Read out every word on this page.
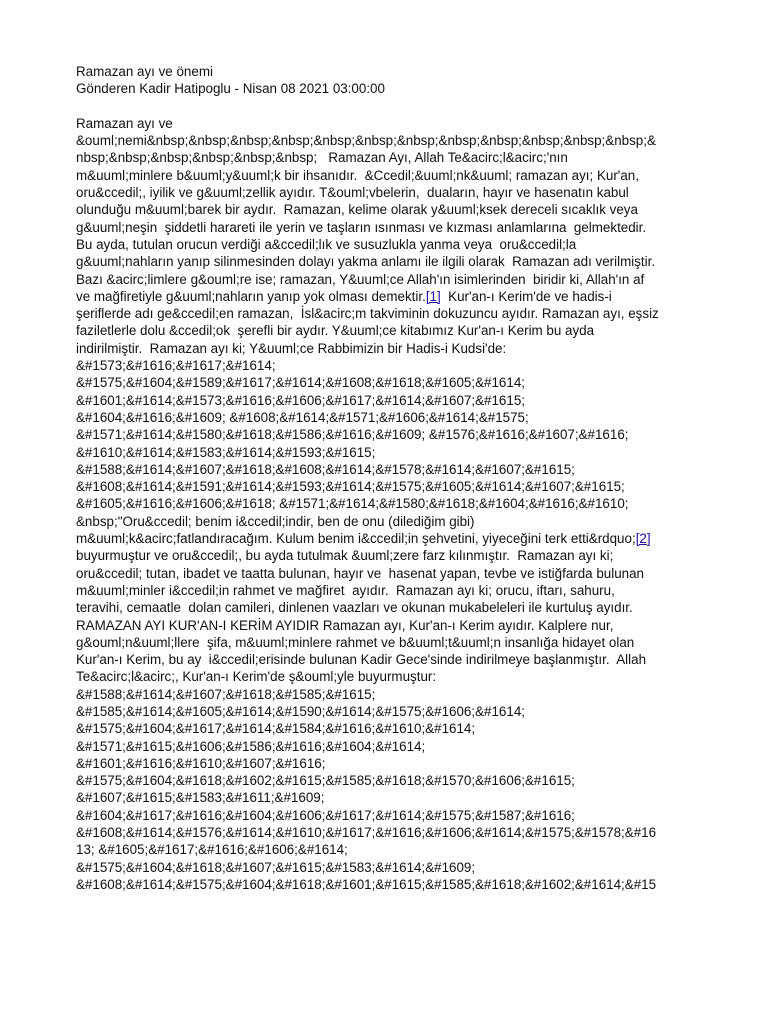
Ramazan ayı ve önemi
Gönderen Kadir Hatipoglu - Nisan 08 2021 03:00:00
Ramazan ayı ve
&ouml;nemi&nbsp;&nbsp;&nbsp;&nbsp;&nbsp;&nbsp;&nbsp;&nbsp;&nbsp;&nbsp;&nbsp;&nbsp;&
nbsp;&nbsp;&nbsp;&nbsp;&nbsp;&nbsp;   Ramazan Ayı, Allah Te&acirc;l&acirc;'nın
m&uuml;minlere b&uuml;y&uuml;k bir ihsanıdır.  &Ccedil;&uuml;nk&uuml; ramazan ayı; Kur'an,
oru&ccedil;, iyilik ve g&uuml;zellik ayıdır. T&ouml;vbelerin,  duaların, hayır ve hasenatın kabul
olunduğu m&uuml;barek bir aydır.  Ramazan, kelime olarak y&uuml;ksek dereceli sıcaklık veya
g&uuml;neşin  şiddetli harareti ile yerin ve taşların ısınması ve kızması anlamlarına  gelmektedir.
Bu ayda, tutulan orucun verdiği a&ccedil;lık ve susuzlukla yanma veya  oru&ccedil;la
g&uuml;nahların yanıp silinmesinden dolayı yakma anlamı ile ilgili olarak  Ramazan adı verilmiştir.
Bazı &acirc;limlere g&ouml;re ise; ramazan, Y&uuml;ce Allah'ın isimlerinden  biridir ki, Allah'ın af
ve mağfiretiyle g&uuml;nahların yanıp yok olması demektir.[1]  Kur'an-ı Kerim'de ve hadis-i
şeriflerde adı ge&ccedil;en ramazan,  İsl&acirc;m takviminin dokuzuncu ayıdır. Ramazan ayı, eşsiz
faziletlerle dolu &ccedil;ok  şerefli bir aydır. Y&uuml;ce kitabımız Kur'an-ı Kerim bu ayda
indirilmiştir.  Ramazan ayı ki; Y&uuml;ce Rabbimizin bir Hadis-i Kudsi'de:
&#1573;&#1616;&#1617;&#1614;
&#1575;&#1604;&#1589;&#1617;&#1614;&#1608;&#1618;&#1605;&#1614;
&#1601;&#1614;&#1573;&#1616;&#1606;&#1617;&#1614;&#1607;&#1615;
&#1604;&#1616;&#1609; &#1608;&#1614;&#1571;&#1606;&#1614;&#1575;
&#1571;&#1614;&#1580;&#1618;&#1586;&#1616;&#1609; &#1576;&#1616;&#1607;&#1616;
&#1610;&#1614;&#1583;&#1614;&#1593;&#1615;
&#1588;&#1614;&#1607;&#1618;&#1608;&#1614;&#1578;&#1614;&#1607;&#1615;
&#1608;&#1614;&#1591;&#1614;&#1593;&#1614;&#1575;&#1605;&#1614;&#1607;&#1615;
&#1605;&#1616;&#1606;&#1618; &#1571;&#1614;&#1580;&#1618;&#1604;&#1616;&#1610;
&nbsp;"Oru&ccedil; benim i&ccedil;indir, ben de onu (dilediğim gibi)
m&uuml;k&acirc;fatlandıracağım. Kulum benim i&ccedil;in şehvetini, yiyeceğini terk etti&rdquo;[2]
buyurmuştur ve oru&ccedil;, bu ayda tutulmak &uuml;zere farz kılınmıştır.  Ramazan ayı ki;
oru&ccedil; tutan, ibadet ve taatta bulunan, hayır ve  hasenat yapan, tevbe ve istiğfarda bulunan
m&uuml;minler i&ccedil;in rahmet ve mağfiret  ayıdır.  Ramazan ayı ki; orucu, iftarı, sahuru,
teravihi, cemaatle  dolan camileri, dinlenen vaazları ve okunan mukabeleleri ile kurtuluş ayıdır.
RAMAZAN AYI KUR'AN-I KERİM AYIDIR Ramazan ayı, Kur'an-ı Kerim ayıdır. Kalplere nur,
g&ouml;n&uuml;llere  şifa, m&uuml;minlere rahmet ve b&uuml;t&uuml;n insanlığa hidayet olan
Kur'an-ı Kerim, bu ay  i&ccedil;erisinde bulunan Kadir Gece'sinde indirilmeye başlanmıştır.  Allah
Te&acirc;l&acirc;, Kur'an-ı Kerim'de ş&ouml;yle buyurmuştur:
&#1588;&#1614;&#1607;&#1618;&#1585;&#1615;
&#1585;&#1614;&#1605;&#1614;&#1590;&#1614;&#1575;&#1606;&#1614;
&#1575;&#1604;&#1617;&#1614;&#1584;&#1616;&#1610;&#1614;
&#1571;&#1615;&#1606;&#1586;&#1616;&#1604;&#1614;
&#1601;&#1616;&#1610;&#1607;&#1616;
&#1575;&#1604;&#1618;&#1602;&#1615;&#1585;&#1618;&#1570;&#1606;&#1615;
&#1607;&#1615;&#1583;&#1611;&#1609;
&#1604;&#1617;&#1616;&#1604;&#1606;&#1617;&#1614;&#1575;&#1587;&#1616;
&#1608;&#1614;&#1576;&#1614;&#1610;&#1617;&#1616;&#1606;&#1614;&#1575;&#1578;&#16
13; &#1605;&#1617;&#1616;&#1606;&#1614;
&#1575;&#1604;&#1618;&#1607;&#1615;&#1583;&#1614;&#1609;
&#1608;&#1614;&#1575;&#1604;&#1618;&#1601;&#1615;&#1585;&#1618;&#1602;&#1614;&#15
